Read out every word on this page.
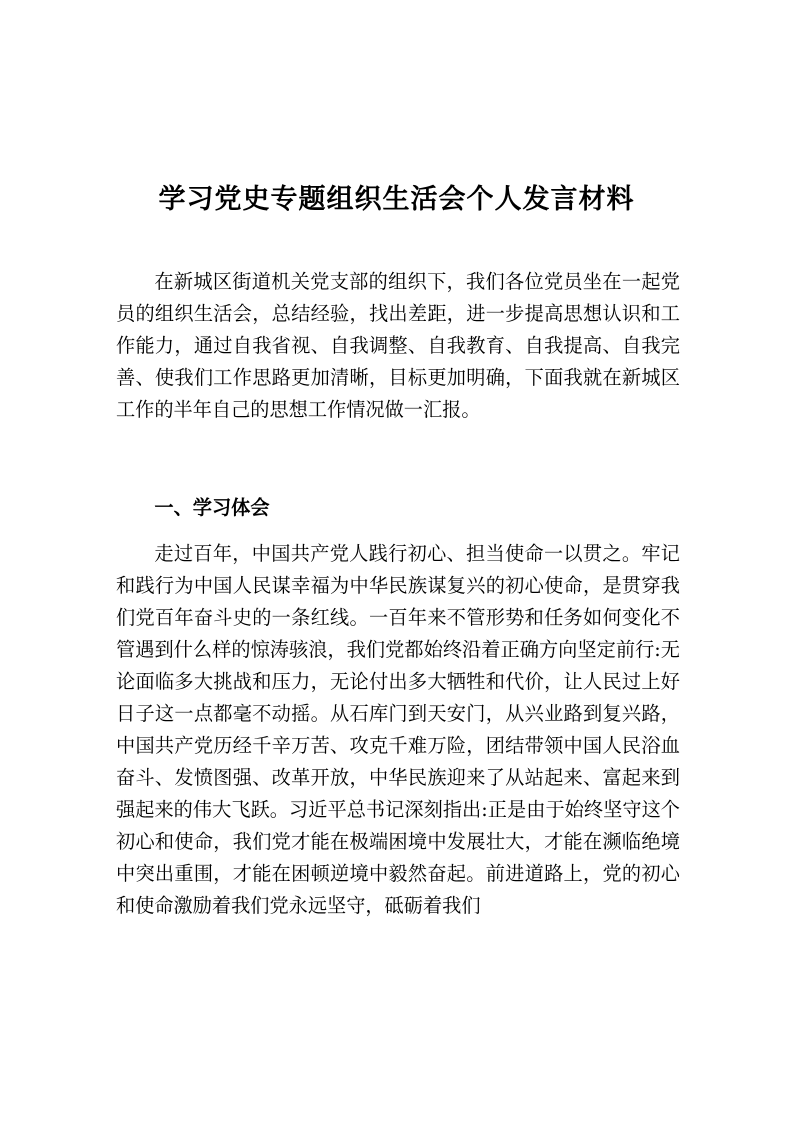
学习党史专题组织生活会个人发言材料

在新城区街道机关党支部的组织下，我们各位党员坐在一起党员的组织生活会，总结经验，找出差距，进一步提高思想认识和工作能力，通过自我省视、自我调整、自我教育、自我提高、自我完善、使我们工作思路更加清晰，目标更加明确，下面我就在新城区工作的半年自己的思想工作情况做一汇报。

一、学习体会

走过百年，中国共产党人践行初心、担当使命一以贯之。牢记和践行为中国人民谋幸福为中华民族谋复兴的初心使命，是贯穿我们党百年奋斗史的一条红线。一百年来不管形势和任务如何变化不管遇到什么样的惊涛骇浪，我们党都始终沿着正确方向坚定前行:无论面临多大挑战和压力，无论付出多大牺牲和代价，让人民过上好日子这一点都毫不动摇。从石库门到天安门，从兴业路到复兴路，中国共产党历经千辛万苦、攻克千难万险，团结带领中国人民浴血奋斗、发愤图强、改革开放，中华民族迎来了从站起来、富起来到强起来的伟大飞跃。习近平总书记深刻指出:正是由于始终坚守这个初心和使命，我们党才能在极端困境中发展壮大，才能在濒临绝境中突出重围，才能在困顿逆境中毅然奋起。前进道路上，党的初心和使命激励着我们党永远坚守，砥砺着我们
